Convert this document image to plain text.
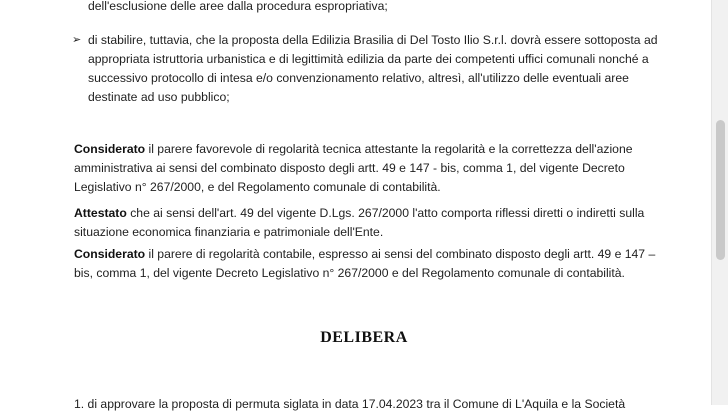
dell'esclusione delle aree dalla procedura espropriativa;
➢ di stabilire, tuttavia, che la proposta della Edilizia Brasilia di Del Tosto Ilio S.r.l. dovrà essere sottoposta ad
appropriata istruttoria urbanistica e di legittimità edilizia da parte dei competenti uffici comunali nonché a
successivo protocollo di intesa e/o convenzionamento relativo, altresì, all'utilizzo delle eventuali aree
destinate ad uso pubblico;
Considerato il parere favorevole di regolarità tecnica attestante la regolarità e la correttezza dell'azione
amministrativa ai sensi del combinato disposto degli artt. 49 e 147 - bis, comma 1, del vigente Decreto
Legislativo n° 267/2000, e del Regolamento comunale di contabilità.
Attestato che ai sensi dell'art. 49 del vigente D.Lgs. 267/2000 l'atto comporta riflessi diretti o indiretti sulla
situazione economica finanziaria e patrimoniale dell'Ente.
Considerato il parere di regolarità contabile, espresso ai sensi del combinato disposto degli artt. 49 e 147 –
bis, comma 1, del vigente Decreto Legislativo n° 267/2000 e del Regolamento comunale di contabilità.
DELIBERA
1. di approvare la proposta di permuta siglata in data 17.04.2023 tra il Comune di L'Aquila e la Società
